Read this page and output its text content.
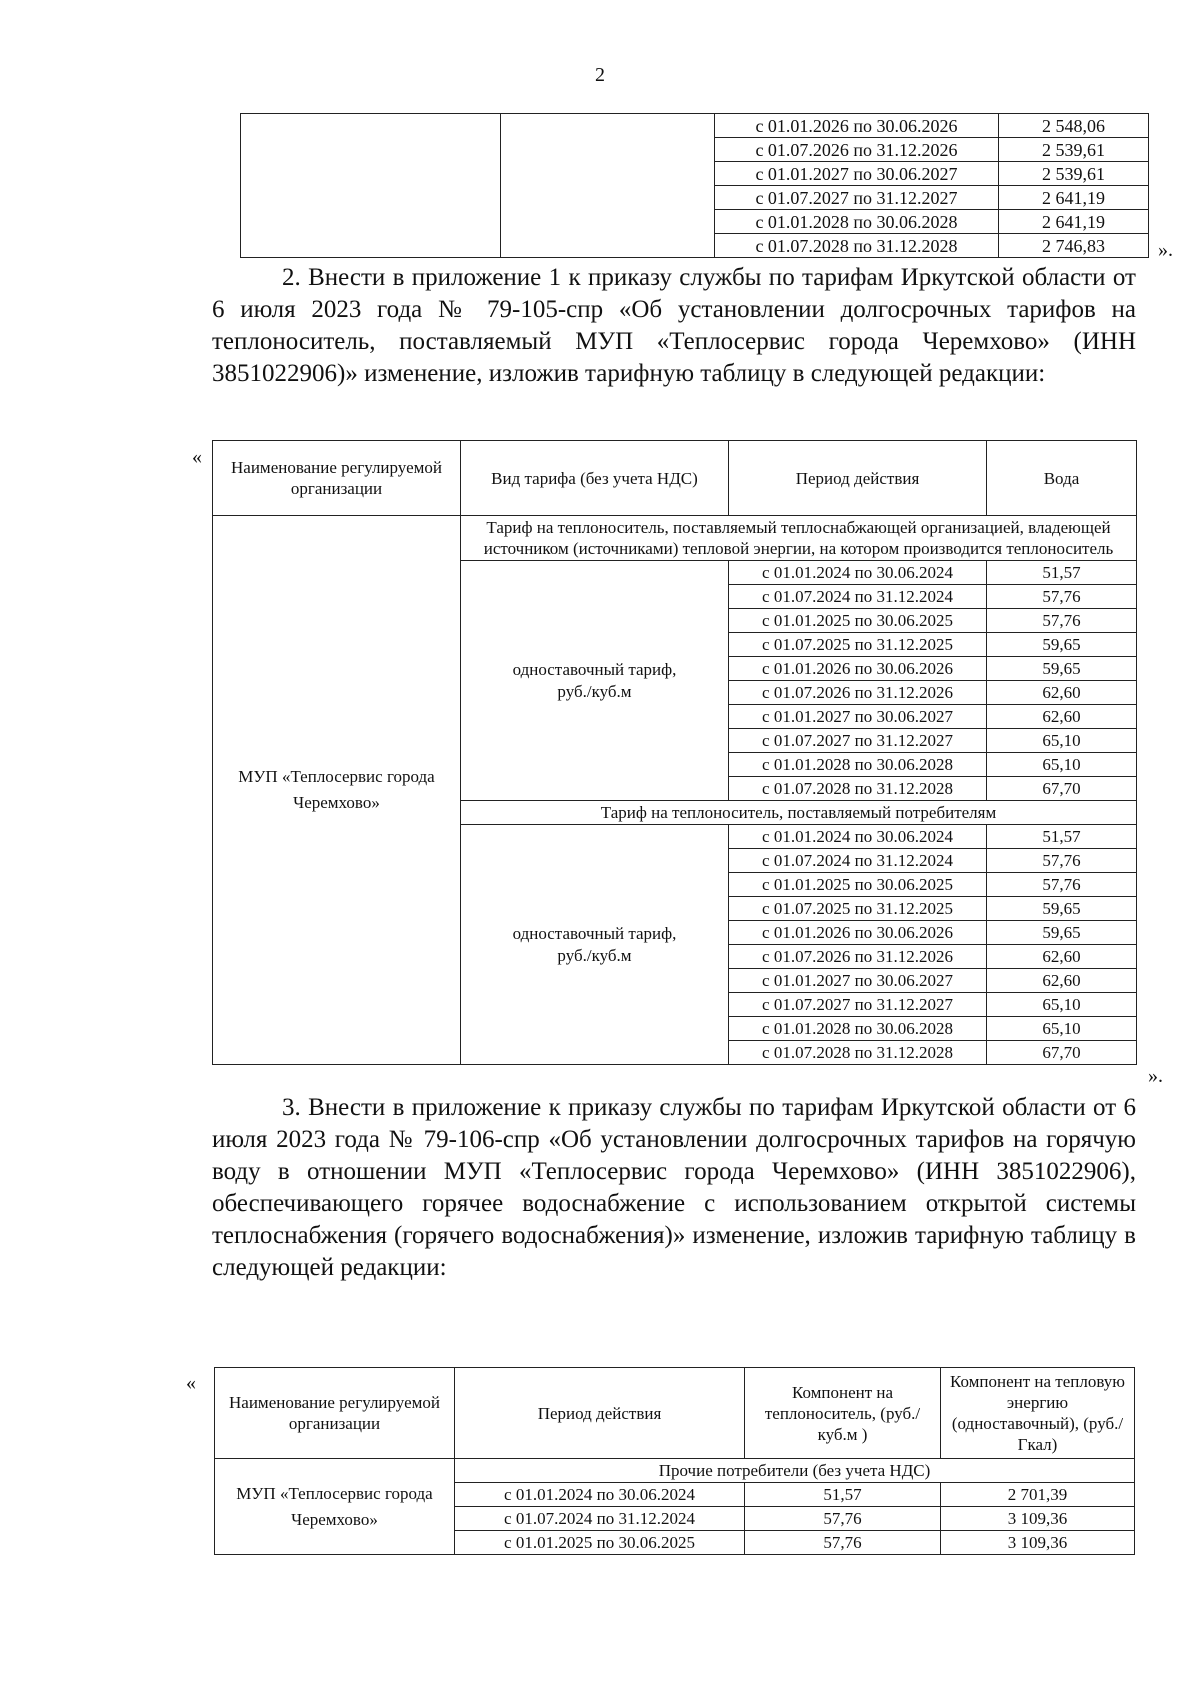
2
		с 01.01.2026 по 30.06.2026	2 548,06
		с 01.07.2026 по 31.12.2026	2 539,61
		с 01.01.2027 по 30.06.2027	2 539,61
		с 01.07.2027 по 31.12.2027	2 641,19
		с 01.01.2028 по 30.06.2028	2 641,19
		с 01.07.2028 по 31.12.2028	2 746,83	».
2. Внести в приложение 1 к приказу службы по тарифам Иркутской области от 6 июля 2023 года № 79-105-спр «Об установлении долгосрочных тарифов на теплоноситель, поставляемый МУП «Теплосервис города Черемхово» (ИНН 3851022906)» изменение, изложив тарифную таблицу в следующей редакции:
« Наименование регулируемой организации	Вид тарифа (без учета НДС)	Период действия	Вода
МУП «Теплосервис города Черемхово»	Тариф на теплоноситель, поставляемый теплоснабжающей организацией, владеющей источником (источниками) тепловой энергии, на котором производится теплоноситель		
	одноставочный тариф, руб./куб.м	с 01.01.2024 по 30.06.2024	51,57
		с 01.07.2024 по 31.12.2024	57,76
		с 01.01.2025 по 30.06.2025	57,76
		с 01.07.2025 по 31.12.2025	59,65
		с 01.01.2026 по 30.06.2026	59,65
		с 01.07.2026 по 31.12.2026	62,60
		с 01.01.2027 по 30.06.2027	62,60
		с 01.07.2027 по 31.12.2027	65,10
		с 01.01.2028 по 30.06.2028	65,10
		с 01.07.2028 по 31.12.2028	67,70
	Тариф на теплоноситель, поставляемый потребителям		
	одноставочный тариф, руб./куб.м	с 01.01.2024 по 30.06.2024	51,57
		с 01.07.2024 по 31.12.2024	57,76
		с 01.01.2025 по 30.06.2025	57,76
		с 01.07.2025 по 31.12.2025	59,65
		с 01.01.2026 по 30.06.2026	59,65
		с 01.07.2026 по 31.12.2026	62,60
		с 01.01.2027 по 30.06.2027	62,60
		с 01.07.2027 по 31.12.2027	65,10
		с 01.01.2028 по 30.06.2028	65,10
		с 01.07.2028 по 31.12.2028	67,70
».
3. Внести в приложение к приказу службы по тарифам Иркутской области от 6 июля 2023 года № 79-106-спр «Об установлении долгосрочных тарифов на горячую воду в отношении МУП «Теплосервис города Черемхово» (ИНН 3851022906), обеспечивающего горячее водоснабжение с использованием открытой системы теплоснабжения (горячего водоснабжения)» изменение, изложив тарифную таблицу в следующей редакции:
«
Наименование регулируемой организации	Период действия	Компонент на теплоноситель, (руб./куб.м )	Компонент на тепловую энергию (одноставочный), (руб./Гкал)
МУП «Теплосервис города Черемхово»	Прочие потребители (без учета НДС)		
	с 01.01.2024 по 30.06.2024	51,57	2 701,39
	с 01.07.2024 по 31.12.2024	57,76	3 109,36
	с 01.01.2025 по 30.06.2025	57,76	3 109,36
